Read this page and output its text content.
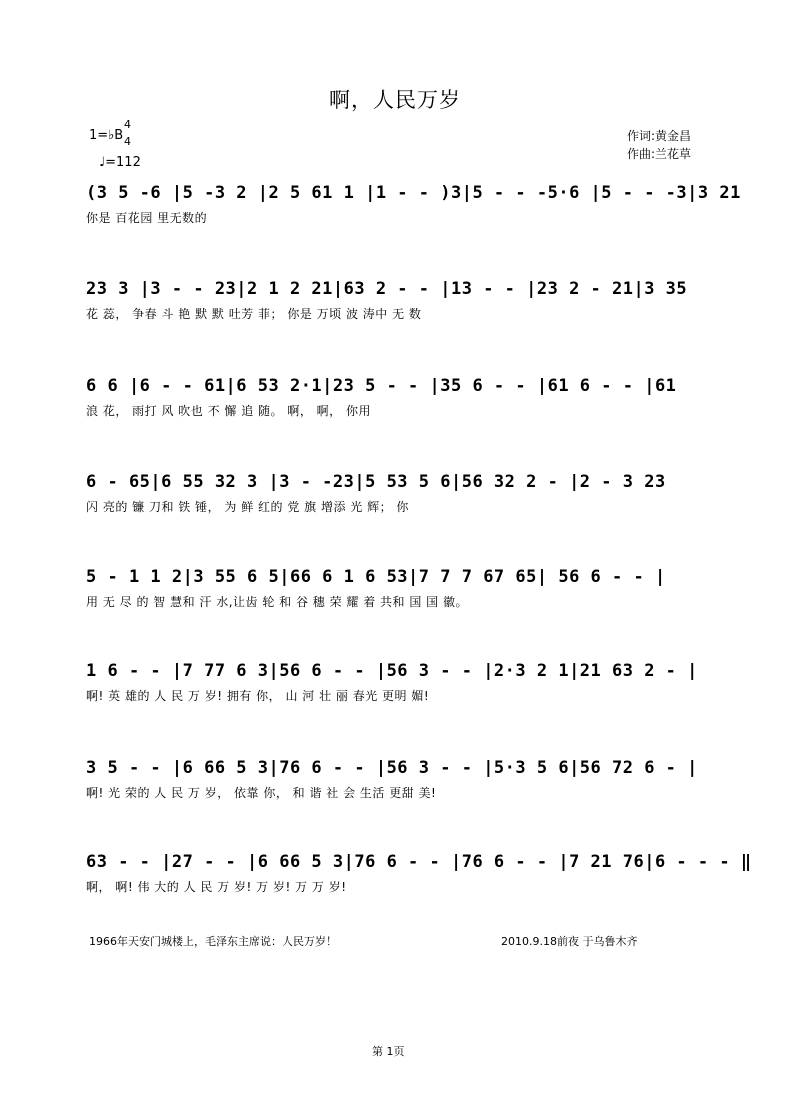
啊，人民万岁
1=♭B
4
4
♩=112
作词:黄金昌
作曲:兰花草
(3 5 -6 |5 -3 2 |2 5 61 1 |1 - - )3|5 - - -5·6 |5 - - -3|3 21
你是 百花园 里无数的
23 3 |3 - - 23|2 1 2 21|63 2 - - |13 - - |23 2 - 21|3 35
花 蕊， 争春 斗 艳 默 默 吐芳 菲； 你是 万顷 波 涛中 无 数
6 6 |6 - - 61|6 53 2·1|23 5 - - |35 6 - - |61 6 - - |61
浪 花， 雨打 风 吹也 不 懈 追 随。 啊， 啊， 你用
6 - 65|6 55 32 3 |3 - -23|5 53 5 6|56 32 2 - |2 - 3 23
闪 亮的 镰 刀和 铁 锤， 为 鲜 红的 党 旗 增添 光 辉； 你
5 - 1 1 2|3 55 6 5|66 6 1 6 53|7 7 7 67 65| 56 6 - - |
用 无 尽 的 智 慧和 汗 水,让齿 轮 和 谷 穗 荣 耀 着 共和 国 国 徽。
1 6 - - |7 77 6 3|56 6 - - |56 3 - - |2·3 2 1|21 63 2 - |
啊! 英 雄的 人 民 万 岁! 拥有 你， 山 河 壮 丽 春光 更明 媚!
3 5 - - |6 66 5 3|76 6 - - |56 3 - - |5·3 5 6|56 72 6 - |
啊! 光 荣的 人 民 万 岁， 依靠 你， 和 谐 社 会 生活 更甜 美!
63 - - |27 - - |6 66 5 3|76 6 - - |76 6 - - |7 21 76|6 - - - ‖
啊， 啊! 伟 大的 人 民 万 岁! 万 岁! 万 万 岁!
1966年天安门城楼上，毛泽东主席说：人民万岁！	2010.9.18前夜 于乌鲁木齐
第 1页
